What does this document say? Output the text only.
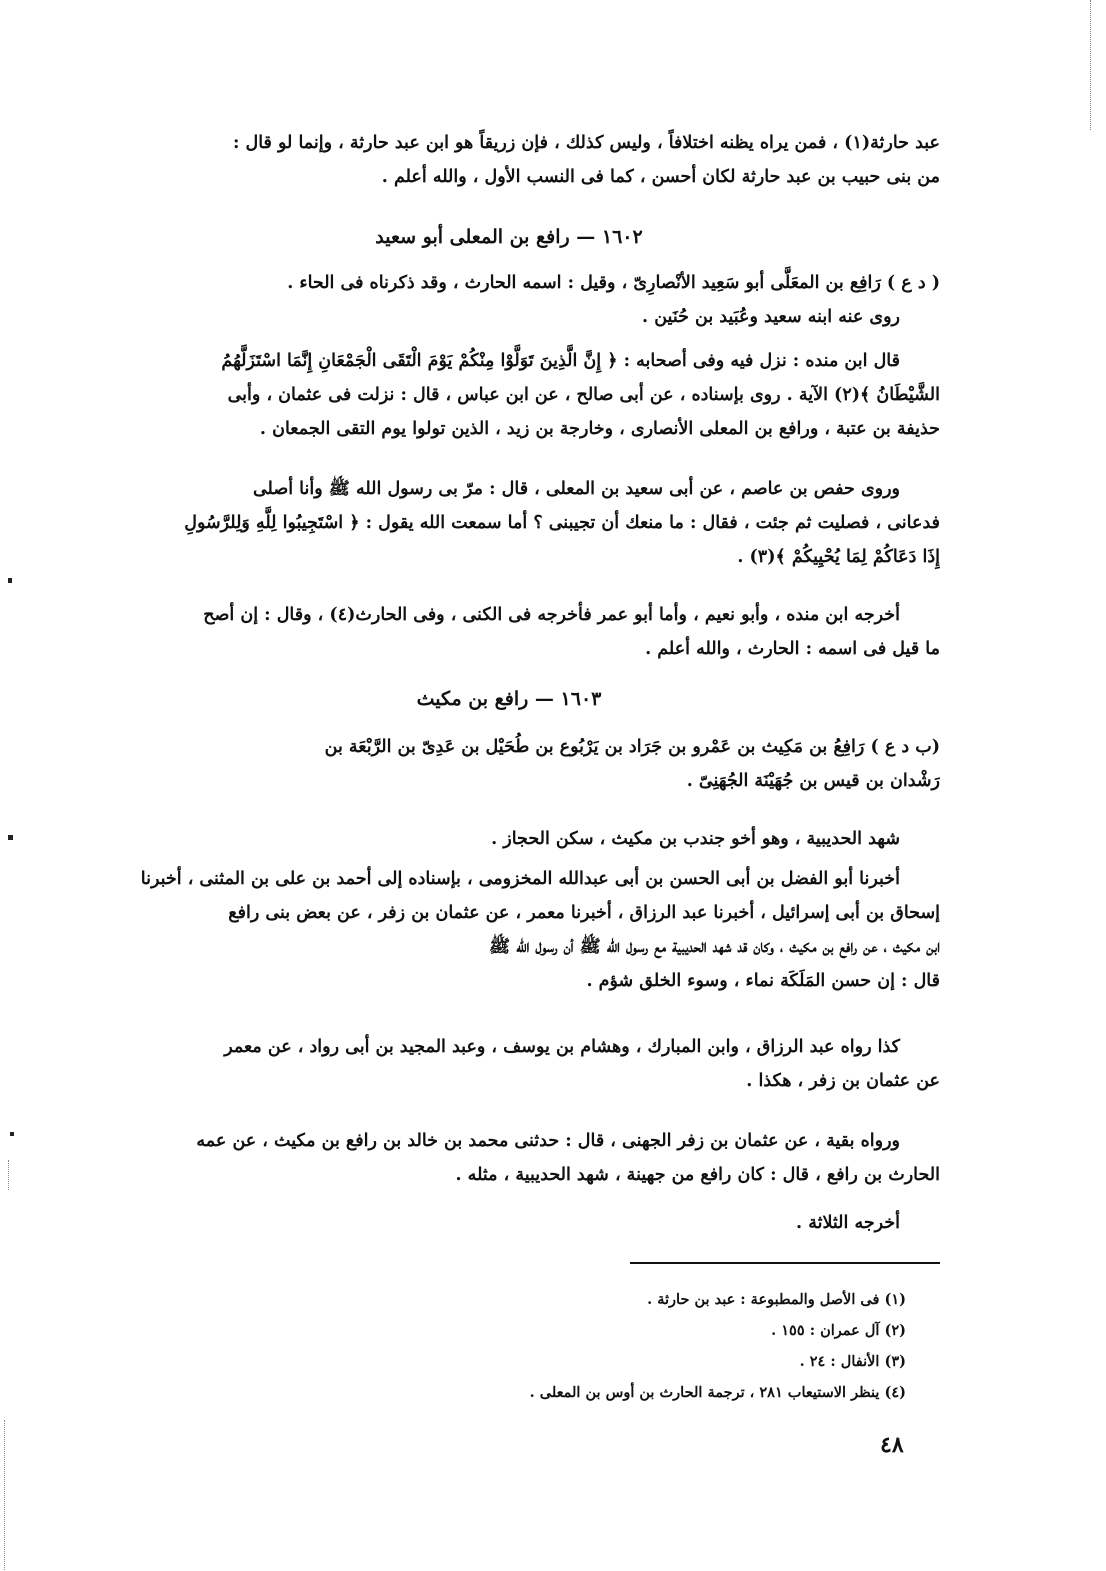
عبد حارثة(١) ، فمن يراه يظنه اختلافاً ، وليس كذلك ، فإن زريقاً هو ابن عبد حارثة ، وإنما لو قال :
من بنى حبيب بن عبد حارثة لكان أحسن ، كما فى النسب الأول ، والله أعلم .
١٦٠٢ — رافع بن المعلى أبو سعيد
( د ع ) رَافِع بن المعَلَّى أبو سَعِيد الأنْصارِىّ ، وقيل : اسمه الحارث ، وقد ذكرناه فى الحاء .
روى عنه ابنه سعيد وعُبَيد بن حُنَين .
قال ابن منده : نزل فيه وفى أصحابه : ﴿ إِنَّ الَّذِينَ تَوَلَّوْا مِنْكُمْ يَوْمَ الْتَقَى الْجَمْعَانِ إِنَّمَا اسْتَزَلَّهُمُ
الشَّيْطَانُ ﴾(٢) الآية . روى بإسناده ، عن أبى صالح ، عن ابن عباس ، قال : نزلت فى عثمان ، وأبى
حذيفة بن عتبة ، ورافع بن المعلى الأنصارى ، وخارجة بن زيد ، الذين تولوا يوم التقى الجمعان .
وروى حفص بن عاصم ، عن أبى سعيد بن المعلى ، قال : مرّ بى رسول الله ﷺ وأنا أصلى
فدعانى ، فصليت ثم جئت ، فقال : ما منعك أن تجيبنى ؟ أما سمعت الله يقول : ﴿ اسْتَجِيبُوا لِلَّهِ وَلِلرَّسُولِ
إِذَا دَعَاكُمْ لِمَا يُحْيِيكُمْ ﴾(٣) .
أخرجه ابن منده ، وأبو نعيم ، وأما أبو عمر فأخرجه فى الكنى ، وفى الحارث(٤) ، وقال : إن أصح
ما قيل فى اسمه : الحارث ، والله أعلم .
١٦٠٣ — رافع بن مكيث
(ب د ع ) رَافِعُ بن مَكِيث بن عَمْرو بن جَرَاد بن يَرْبُوع بن طُحَيْل بن عَدِىّ بن الرَّبْعَة بن
رَشْدان بن قيس بن جُهَيْنَة الجُهَنِىّ .
شهد الحديبية ، وهو أخو جندب بن مكيث ، سكن الحجاز .
أخبرنا أبو الفضل بن أبى الحسن بن أبى عبدالله المخزومى ، بإسناده إلى أحمد بن على بن المثنى ، أخبرنا
إسحاق بن أبى إسرائيل ، أخبرنا عبد الرزاق ، أخبرنا معمر ، عن عثمان بن زفر ، عن بعض بنى رافع
ابن مكيث ، عن رافع بن مكيث ، وكان قد شهد الحديبية مع رسول الله ﷺ أن رسول الله ﷺ
قال : إن حسن المَلَكَة نماء ، وسوء الخلق شؤم .
كذا رواه عبد الرزاق ، وابن المبارك ، وهشام بن يوسف ، وعبد المجيد بن أبى رواد ، عن معمر
عن عثمان بن زفر ، هكذا .
ورواه بقية ، عن عثمان بن زفر الجهنى ، قال : حدثنى محمد بن خالد بن رافع بن مكيث ، عن عمه
الحارث بن رافع ، قال : كان رافع من جهينة ، شهد الحديبية ، مثله .
أخرجه الثلاثة .
(١) فى الأصل والمطبوعة : عبد بن حارثة .
(٢) آل عمران : ١٥٥ .
(٣) الأنفال : ٢٤ .
(٤) ينظر الاستيعاب ٢٨١ ، ترجمة الحارث بن أوس بن المعلى .
٤٨
